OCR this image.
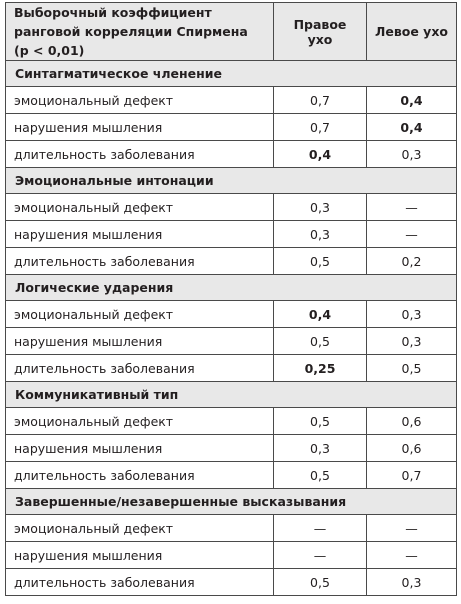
Выборочный коэффициент ранговой корреляции Спирмена (p < 0,01)	Правое ухо	Левое ухо
Синтагматическое членение		
эмоциональный дефект	0,7	0,4
нарушения мышления	0,7	0,4
длительность заболевания	0,4	0,3
Эмоциональные интонации		
эмоциональный дефект	0,3	—
нарушения мышления	0,3	—
длительность заболевания	0,5	0,2
Логические ударения		
эмоциональный дефект	0,4	0,3
нарушения мышления	0,5	0,3
длительность заболевания	0,25	0,5
Коммуникативный тип		
эмоциональный дефект	0,5	0,6
нарушения мышления	0,3	0,6
длительность заболевания	0,5	0,7
Завершенные/незавершенные высказывания		
эмоциональный дефект	—	—
нарушения мышления	—	—
длительность заболевания	0,5	0,3
